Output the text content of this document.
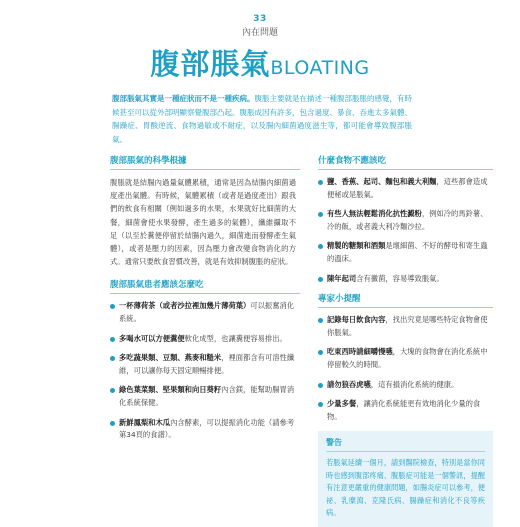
33
內在問題
腹部脹氣BLOATING
腹部脹氣其實是一種症狀而不是一種疾病。腹脹主要就是在描述一種腹部脹脹的感覺，有時候甚至可以從外部明顯察覺腹部凸起。腹脹成因有許多，包含過度、暴食、吞進太多氣體、腸躁症、胃酸逆流、食物過敏或不耐症，以及腸內細菌過度滋生等，都可能會導致腹部脹氣。
腹部脹氣的科學根據
腹脹就是結腸內過量氣體累積，通常是因為結腸內細菌過度產出氣體。有時候，氣體累積（或者是過度產出）跟我們的飲食有相關（例如過多的水果，水果就好比細菌的大餐，細菌會使水果發酵，產生過多的氣體），纖維攝取不足（以至於糞便停留於結腸內過久，細菌進而發酵產生氣體），或者是壓力的因素，因為壓力會改變食物消化的方式。通常只要飲食習慣改善，就是有效抑制腹脹的症狀。
腹部脹氣患者應該怎麼吃
一杯薄荷茶（或者沙拉裡加幾片薄荷葉）可以振奮消化系統。
多喝水可以方便糞便軟化成型，也讓糞便容易排出。
多吃蔬果類、豆類、燕麥和糙米，裡面都含有可溶性纖維，可以讓你每天固定順暢排便。
綠色葉菜類、堅果類和向日葵籽內含鎂，能幫助腸胃消化系統保健。
新鮮鳳梨和木瓜內含酵素，可以提振消化功能（請參考第34頁的食譜）。
什麼食物不應該吃
鹽、香蕉、起司、麵包和義大利麵，這些都會造成便秘或是脹氣。
有些人無法輕鬆消化抗性澱粉，例如冷的馬鈴薯、冷的飯，或者義大利冷麵沙拉。
精製的糖類和酒類是壞細菌、不好的酵母和寄生蟲的溫床。
陳年起司含有黴菌，容易導致脹氣。
專家小提醒
記錄每日飲食內容，找出究竟是哪些特定食物會使你脹氣。
吃東西時請細嚼慢嚥，大塊的食物會在消化系統中停留較久的時間。
請勿狼吞虎嚥，這有損消化系統的健康。
少量多餐，讓消化系統能更有效地消化少量的食物。
警告
若脹氣延續一個月，請到醫院檢查，特別是當你同時也感到腹部疼痛、腹脹症可能是一個警訊，提醒有注意更嚴重的健康問題，如腸炎症可以參考，便祕、乳糜瀉、克隆氏病、腸躁症和消化不良等疾病。
